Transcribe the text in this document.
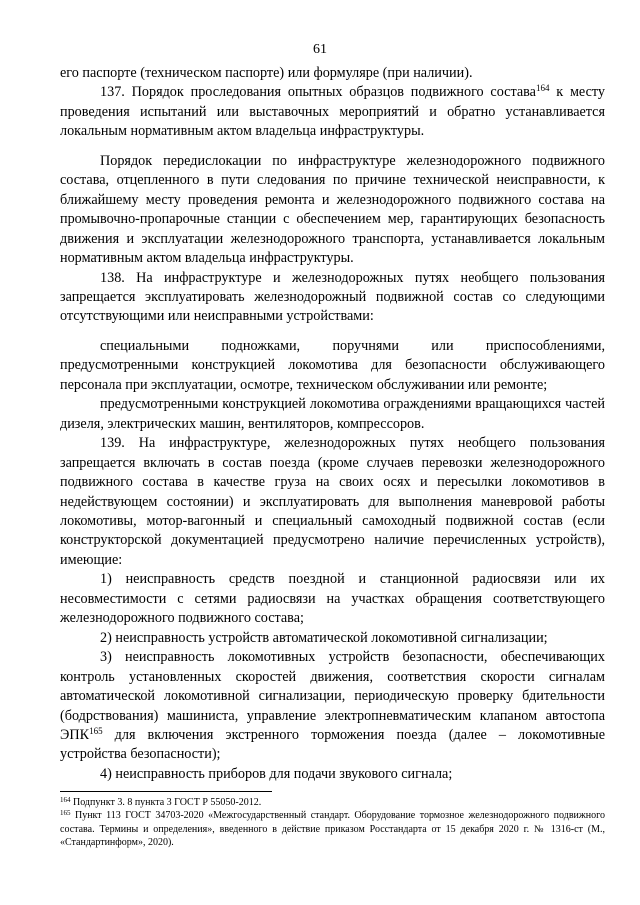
61

его паспорте (техническом паспорте) или формуляре (при наличии).

137. Порядок проследования опытных образцов подвижного состава$^{164}$ к месту проведения испытаний или выставочных мероприятий и обратно устанавливается локальным нормативным актом владельца инфраструктуры.

Порядок передислокации по инфраструктуре железнодорожного подвижного состава, отцепленного в пути следования по причине технической неисправности, к ближайшему месту проведения ремонта и железнодорожного подвижного состава на промывочно-пропарочные станции с обеспечением мер, гарантирующих безопасность движения и эксплуатации железнодорожного транспорта, устанавливается локальным нормативным актом владельца инфраструктуры.

138. На инфраструктуре и железнодорожных путях необщего пользования запрещается эксплуатировать железнодорожный подвижной состав со следующими отсутствующими или неисправными устройствами:

специальными подножками, поручнями или приспособлениями, предусмотренными конструкцией локомотива для безопасности обслуживающего персонала при эксплуатации, осмотре, техническом обслуживании или ремонте;

предусмотренными конструкцией локомотива ограждениями вращающихся частей дизеля, электрических машин, вентиляторов, компрессоров.

139. На инфраструктуре, железнодорожных путях необщего пользования запрещается включать в состав поезда (кроме случаев перевозки железнодорожного подвижного состава в качестве груза на своих осях и пересылки локомотивов в недействующем состоянии) и эксплуатировать для выполнения маневровой работы локомотивы, мотор-вагонный и специальный самоходный подвижной состав (если конструкторской документацией предусмотрено наличие перечисленных устройств), имеющие:

1) неисправность средств поездной и станционной радиосвязи или их несовместимости с сетями радиосвязи на участках обращения соответствующего железнодорожного подвижного состава;

2) неисправность устройств автоматической локомотивной сигнализации;

3) неисправность локомотивных устройств безопасности, обеспечивающих контроль установленных скоростей движения, соответствия скорости сигналам автоматической локомотивной сигнализации, периодическую проверку бдительности (бодрствования) машиниста, управление электропневматическим клапаном автостопа ЭПК$^{165}$ для включения экстренного торможения поезда (далее – локомотивные устройства безопасности);

4) неисправность приборов для подачи звукового сигнала;

$^{164}$ Подпункт 3. 8 пункта 3 ГОСТ Р 55050-2012.

$^{165}$ Пункт 113 ГОСТ 34703-2020 «Межгосударственный стандарт. Оборудование тормозное железнодорожного подвижного состава. Термины и определения», введенного в действие приказом Росстандарта от 15 декабря 2020 г. № 1316-ст (М., «Стандартинформ», 2020).
